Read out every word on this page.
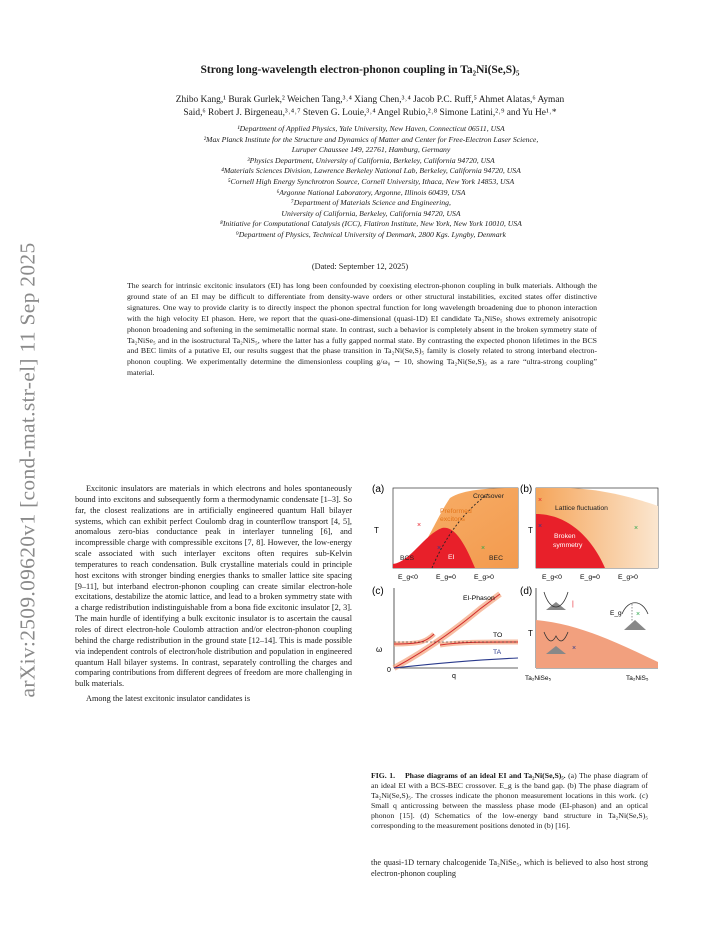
arXiv:2509.09620v1 [cond-mat.str-el] 11 Sep 2025
Strong long-wavelength electron-phonon coupling in Ta₂Ni(Se,S)₅
Zhibo Kang,¹ Burak Gurlek,² Weichen Tang,³˒⁴ Xiang Chen,³˒⁴ Jacob P.C. Ruff,⁵ Ahmet Alatas,⁶ Ayman
Said,⁶ Robert J. Birgeneau,³˒⁴˒⁷ Steven G. Louie,³˒⁴ Angel Rubio,²˒⁸ Simone Latini,²˒⁹ and Yu He¹˒*
¹Department of Applied Physics, Yale University, New Haven, Connecticut 06511, USA
²Max Planck Institute for the Structure and Dynamics of Matter and Center for Free-Electron Laser Science,
Luruper Chaussee 149, 22761, Hamburg, Germany
³Physics Department, University of California, Berkeley, California 94720, USA
⁴Materials Sciences Division, Lawrence Berkeley National Lab, Berkeley, California 94720, USA
⁵Cornell High Energy Synchrotron Source, Cornell University, Ithaca, New York 14853, USA
⁶Argonne National Laboratory, Argonne, Illinois 60439, USA
⁷Department of Materials Science and Engineering,
University of California, Berkeley, California 94720, USA
⁸Initiative for Computational Catalysis (ICC), Flatiron Institute, New York, New York 10010, USA
⁹Department of Physics, Technical University of Denmark, 2800 Kgs. Lyngby, Denmark
(Dated: September 12, 2025)
The search for intrinsic excitonic insulators (EI) has long been confounded by coexisting electron-phonon coupling in bulk materials. Although the ground state of an EI may be difficult to differentiate from density-wave orders or other structural instabilities, excited states offer distinctive signatures. One way to provide clarity is to directly inspect the phonon spectral function for long wavelength broadening due to phonon interaction with the high velocity EI phason. Here, we report that the quasi-one-dimensional (quasi-1D) EI candidate Ta₂NiSe₅ shows extremely anisotropic phonon broadening and softening in the semimetallic normal state. In contrast, such a behavior is completely absent in the broken symmetry state of Ta₂NiSe₅ and in the isostructural Ta₂NiS₅, where the latter has a fully gapped normal state. By contrasting the expected phonon lifetimes in the BCS and BEC limits of a putative EI, our results suggest that the phase transition in Ta₂Ni(Se,S)₅ family is closely related to strong interband electron-phonon coupling. We experimentally determine the dimensionless coupling g/ω₀ ∼ 10, showing Ta₂Ni(Se,S)₅ as a rare “ultra-strong coupling” material.

Excitonic insulators are materials in which electrons and holes spontaneously bound into excitons and subsequently form a thermodynamic condensate [1–3]. So far, the closest realizations are in artificially engineered quantum Hall bilayer systems, which can exhibit perfect Coulomb drag in counterflow transport [4, 5], anomalous zero-bias conductance peak in interlayer tunneling [6], and incompressible charge with compressible excitons [7, 8]. However, the low-energy scale associated with such interlayer excitons often requires sub-Kelvin temperatures to reach condensation. Bulk crystalline materials could in principle host excitons with stronger binding energies thanks to smaller lattice site spacing [9–11], but interband electron-phonon coupling can create similar electron-hole excitations, destabilize the atomic lattice, and lead to a broken symmetry state with a charge redistribution indistinguishable from a bona fide excitonic insulator [2, 3]. The main hurdle of identifying a bulk excitonic insulator is to ascertain the causal roles of direct electron-hole Coulomb attraction and/or electron-phonon coupling behind the charge redistribution in the ground state [12–14]. This is made possible via independent controls of electron/hole distribution and population in engineered quantum Hall bilayer systems. In contrast, separately controlling the charges and comparing contributions from different degrees of freedom are more challenging in bulk materials.

Among the latest excitonic insulator candidates is

(a)
T
Crossover
Preformed
excitons
BCS	EI	BEC
×
×	×
E_g<0	E_g=0	E_g>0
(b)
T
Lattice fluctuation
Broken
symmetry
×
×	×
E_g<0	E_g=0	E_g>0
(c)
ω
0
EI-Phason
TO
TA
q
(d)
T
|
×
E_g ×
Ta₂NiSe₅	Ta₂NiS₅
FIG. 1. Phase diagrams of an ideal EI and Ta₂Ni(Se,S)₅. (a) The phase diagram of an ideal EI with a BCS-BEC crossover. E_g is the band gap. (b) The phase diagram of Ta₂Ni(Se,S)₅. The crosses indicate the phonon measurement locations in this work. (c) Small q anticrossing between the massless phase mode (EI-phason) and an optical phonon [15]. (d) Schematics of the low-energy band structure in Ta₂Ni(Se,S)₅ corresponding to the measurement positions denoted in (b) [16].
the quasi-1D ternary chalcogenide Ta₂NiSe₅, which is believed to also host strong electron-phonon coupling
